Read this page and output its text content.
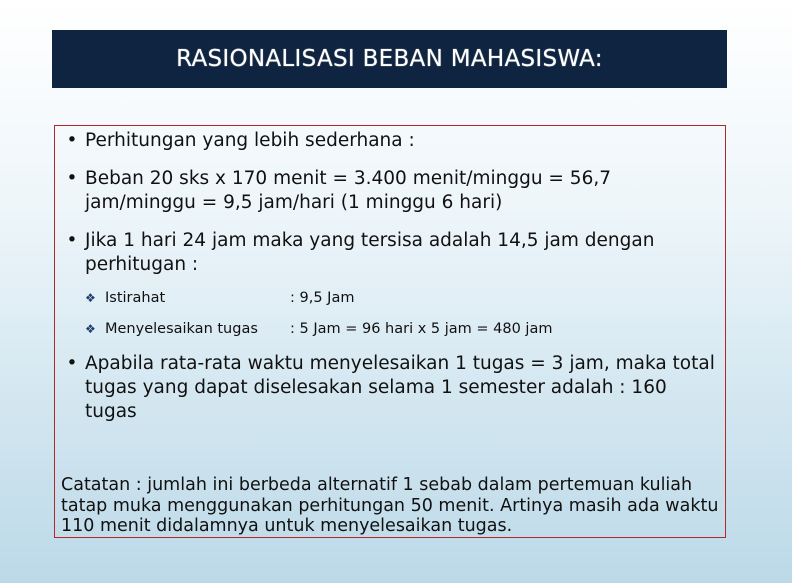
RASIONALISASI BEBAN MAHASISWA:
• Perhitungan yang lebih sederhana :
• Beban 20 sks x 170 menit = 3.400 menit/minggu = 56,7 jam/minggu = 9,5 jam/hari (1 minggu 6 hari)
• Jika 1 hari 24 jam maka yang tersisa adalah 14,5 jam dengan perhitugan :
❖ Istirahat	: 9,5 Jam
❖ Menyelesaikan tugas	: 5 Jam = 96 hari x 5 jam = 480 jam
• Apabila rata-rata waktu menyelesaikan 1 tugas = 3 jam, maka total tugas yang dapat diselesakan selama 1 semester adalah : 160 tugas
Catatan : jumlah ini berbeda alternatif 1 sebab dalam pertemuan kuliah tatap muka menggunakan perhitungan 50 menit. Artinya masih ada waktu 110 menit didalamnya untuk menyelesaikan tugas.
